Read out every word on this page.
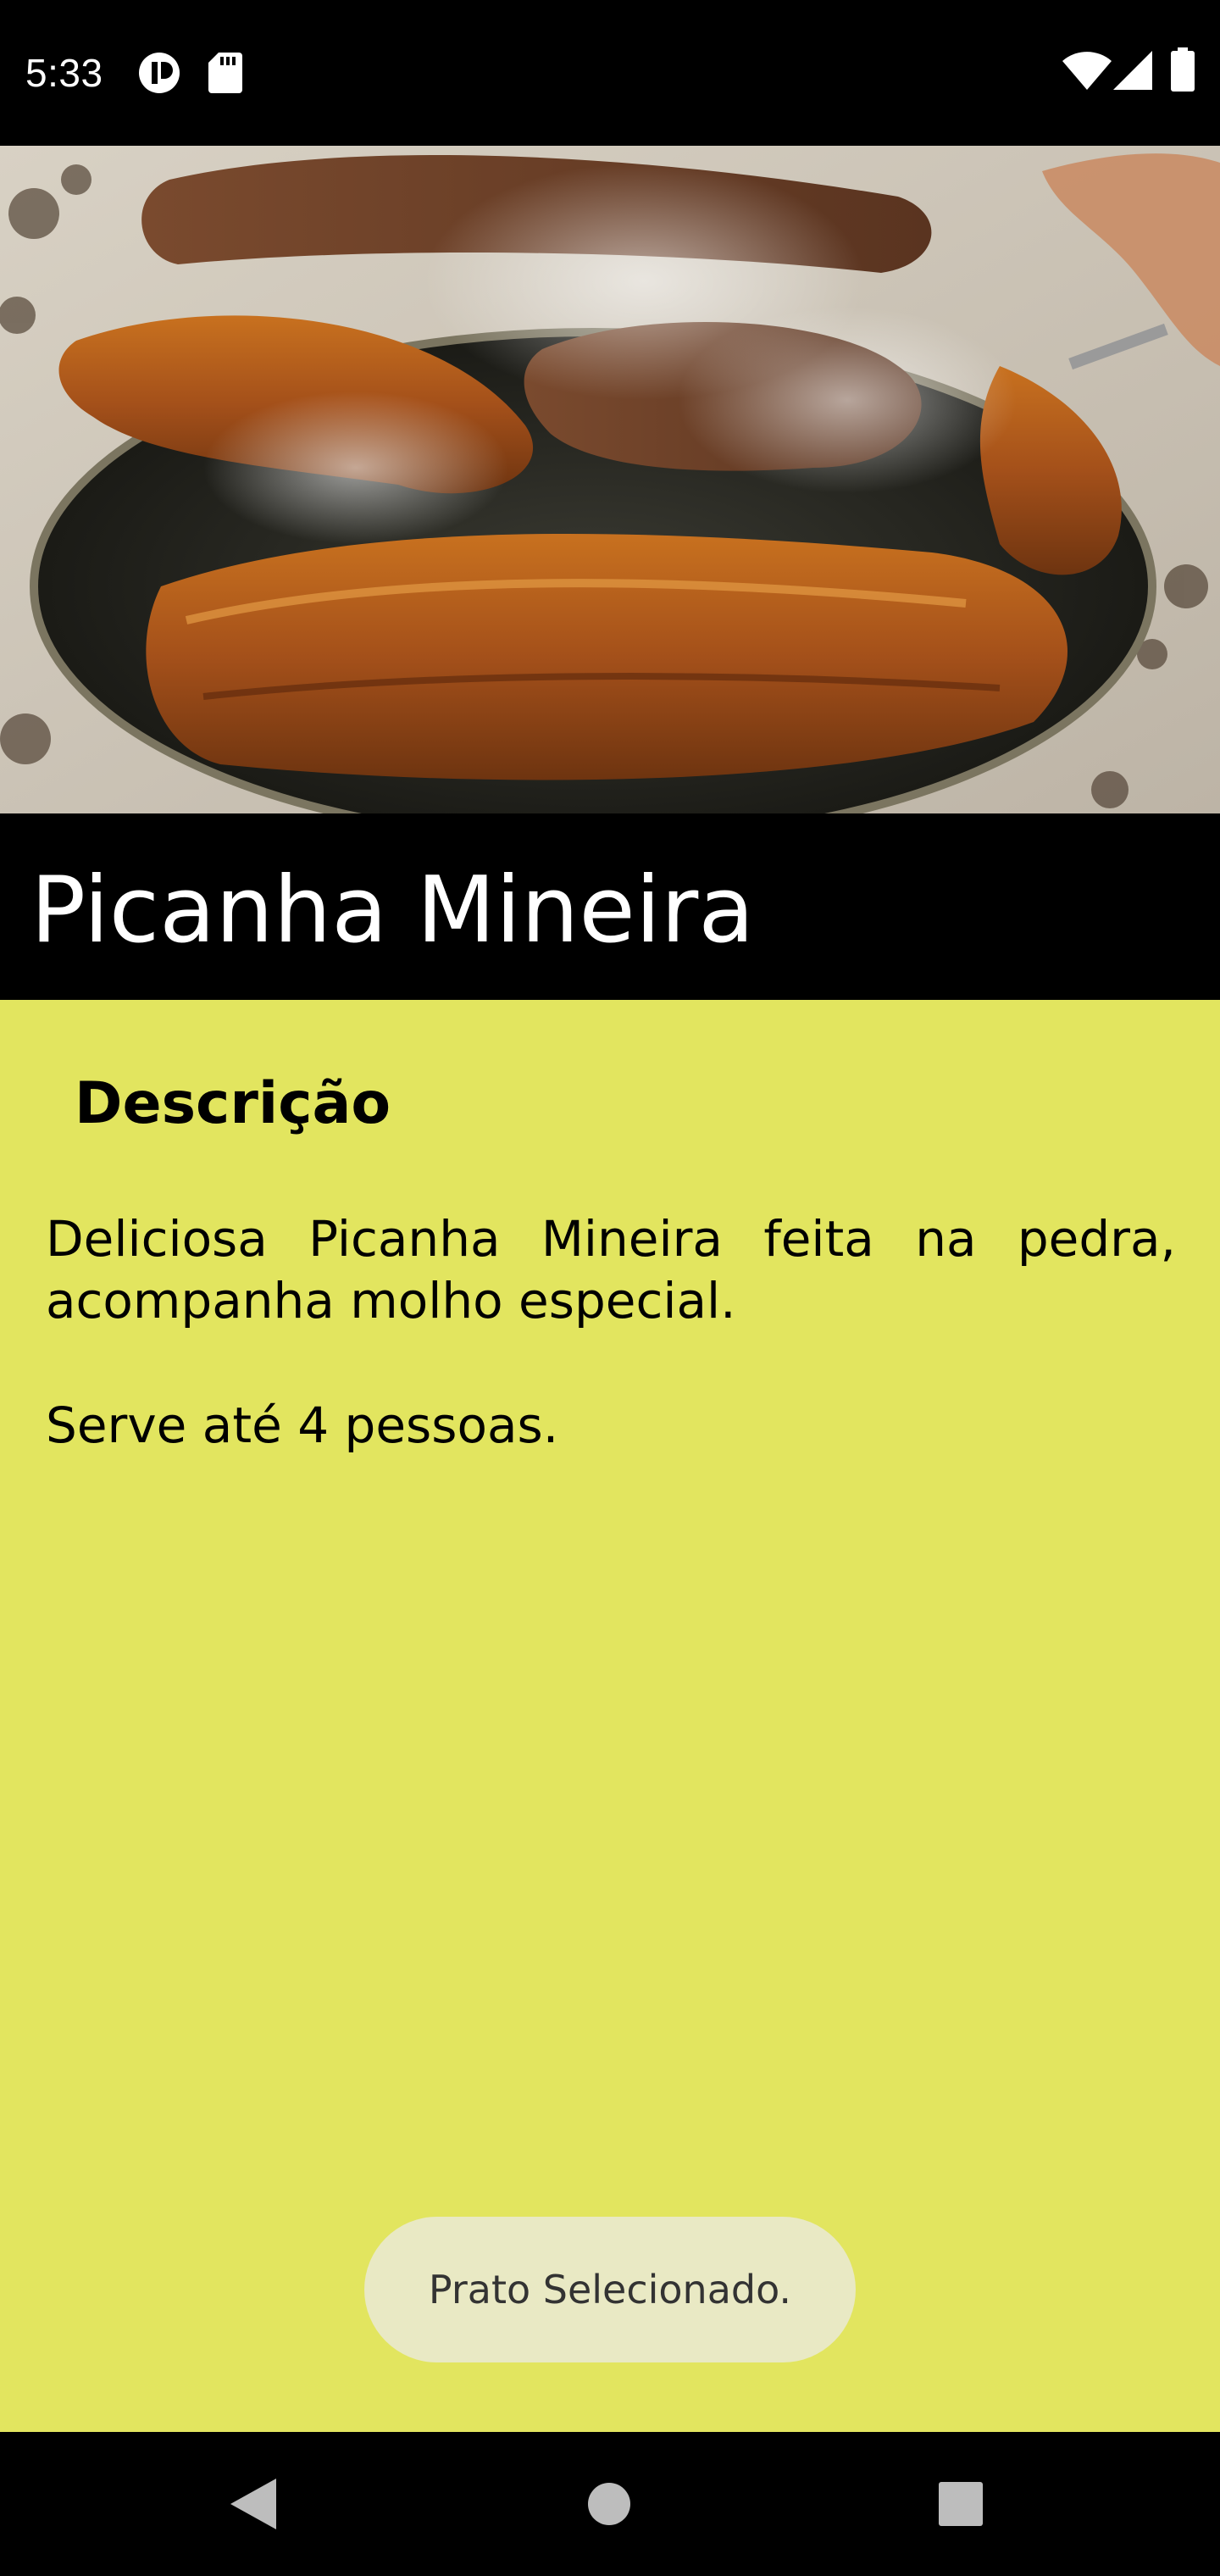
5:33
Picanha Mineira
Descrição
Deliciosa Picanha Mineira feita na pedra, acompanha molho especial.
Serve até 4 pessoas.
Prato Selecionado.
